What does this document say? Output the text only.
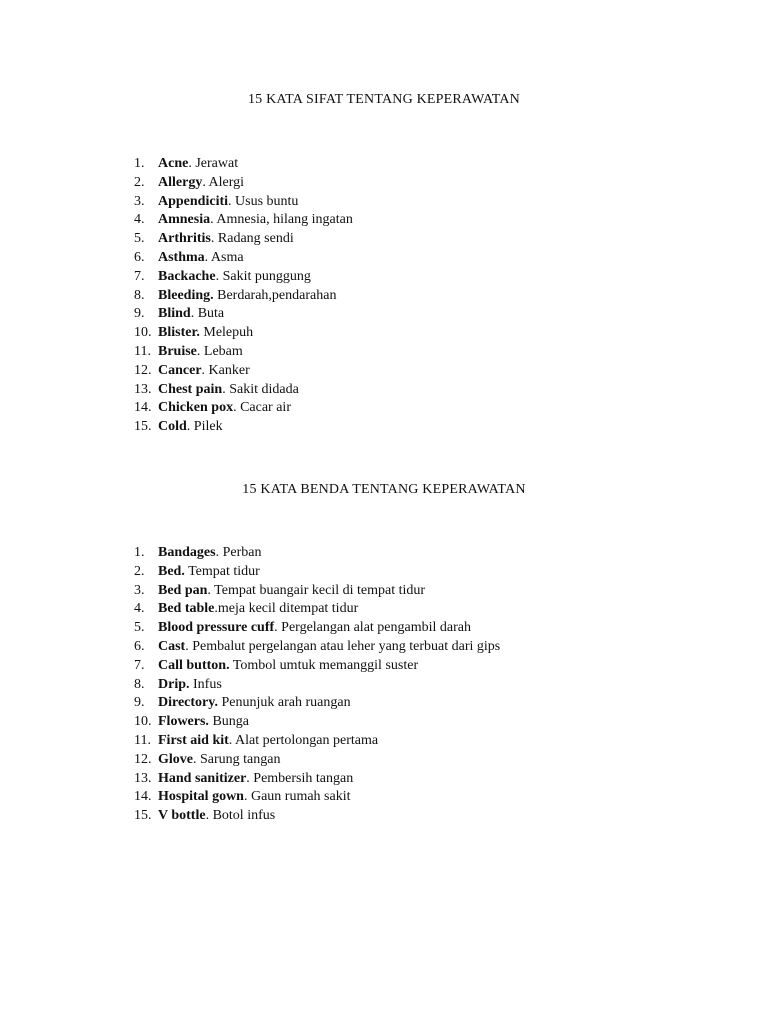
15 KATA SIFAT TENTANG KEPERAWATAN
1. Acne. Jerawat
2. Allergy. Alergi
3. Appendiciti. Usus buntu
4. Amnesia. Amnesia, hilang ingatan
5. Arthritis. Radang sendi
6. Asthma. Asma
7. Backache. Sakit punggung
8. Bleeding. Berdarah,pendarahan
9. Blind. Buta
10. Blister. Melepuh
11. Bruise. Lebam
12. Cancer. Kanker
13. Chest pain. Sakit didada
14. Chicken pox. Cacar air
15. Cold. Pilek
15 KATA BENDA TENTANG KEPERAWATAN
1. Bandages. Perban
2. Bed. Tempat tidur
3. Bed pan. Tempat buangair kecil di tempat tidur
4. Bed table.meja kecil ditempat tidur
5. Blood pressure cuff. Pergelangan alat pengambil darah
6. Cast. Pembalut pergelangan atau leher yang terbuat dari gips
7. Call button. Tombol umtuk memanggil suster
8. Drip. Infus
9. Directory. Penunjuk arah ruangan
10. Flowers. Bunga
11. First aid kit. Alat pertolongan pertama
12. Glove. Sarung tangan
13. Hand sanitizer. Pembersih tangan
14. Hospital gown. Gaun rumah sakit
15. V bottle. Botol infus
